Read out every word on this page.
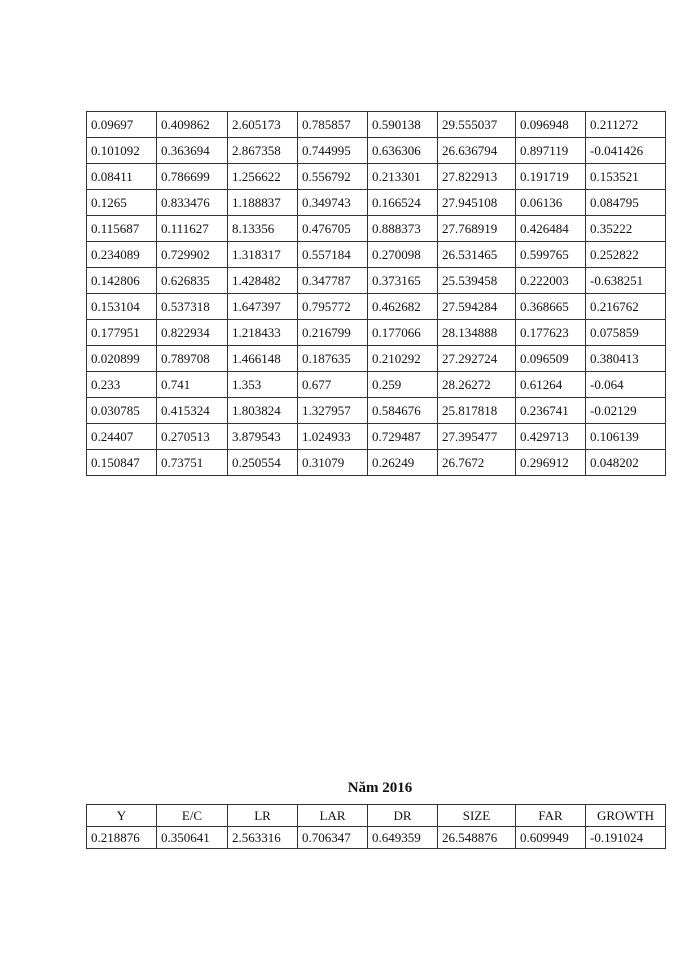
0.09697	0.409862	2.605173	0.785857	0.590138	29.555037	0.096948	0.211272
0.101092	0.363694	2.867358	0.744995	0.636306	26.636794	0.897119	-0.041426
0.08411	0.786699	1.256622	0.556792	0.213301	27.822913	0.191719	0.153521
0.1265	0.833476	1.188837	0.349743	0.166524	27.945108	0.06136	0.084795
0.115687	0.111627	8.13356	0.476705	0.888373	27.768919	0.426484	0.35222
0.234089	0.729902	1.318317	0.557184	0.270098	26.531465	0.599765	0.252822
0.142806	0.626835	1.428482	0.347787	0.373165	25.539458	0.222003	-0.638251
0.153104	0.537318	1.647397	0.795772	0.462682	27.594284	0.368665	0.216762
0.177951	0.822934	1.218433	0.216799	0.177066	28.134888	0.177623	0.075859
0.020899	0.789708	1.466148	0.187635	0.210292	27.292724	0.096509	0.380413
0.233	0.741	1.353	0.677	0.259	28.26272	0.61264	-0.064
0.030785	0.415324	1.803824	1.327957	0.584676	25.817818	0.236741	-0.02129
0.24407	0.270513	3.879543	1.024933	0.729487	27.395477	0.429713	0.106139
0.150847	0.73751	0.250554	0.31079	0.26249	26.7672	0.296912	0.048202
Năm 2016
Y	E/C	LR	LAR	DR	SIZE	FAR	GROWTH
0.218876	0.350641	2.563316	0.706347	0.649359	26.548876	0.609949	-0.191024
